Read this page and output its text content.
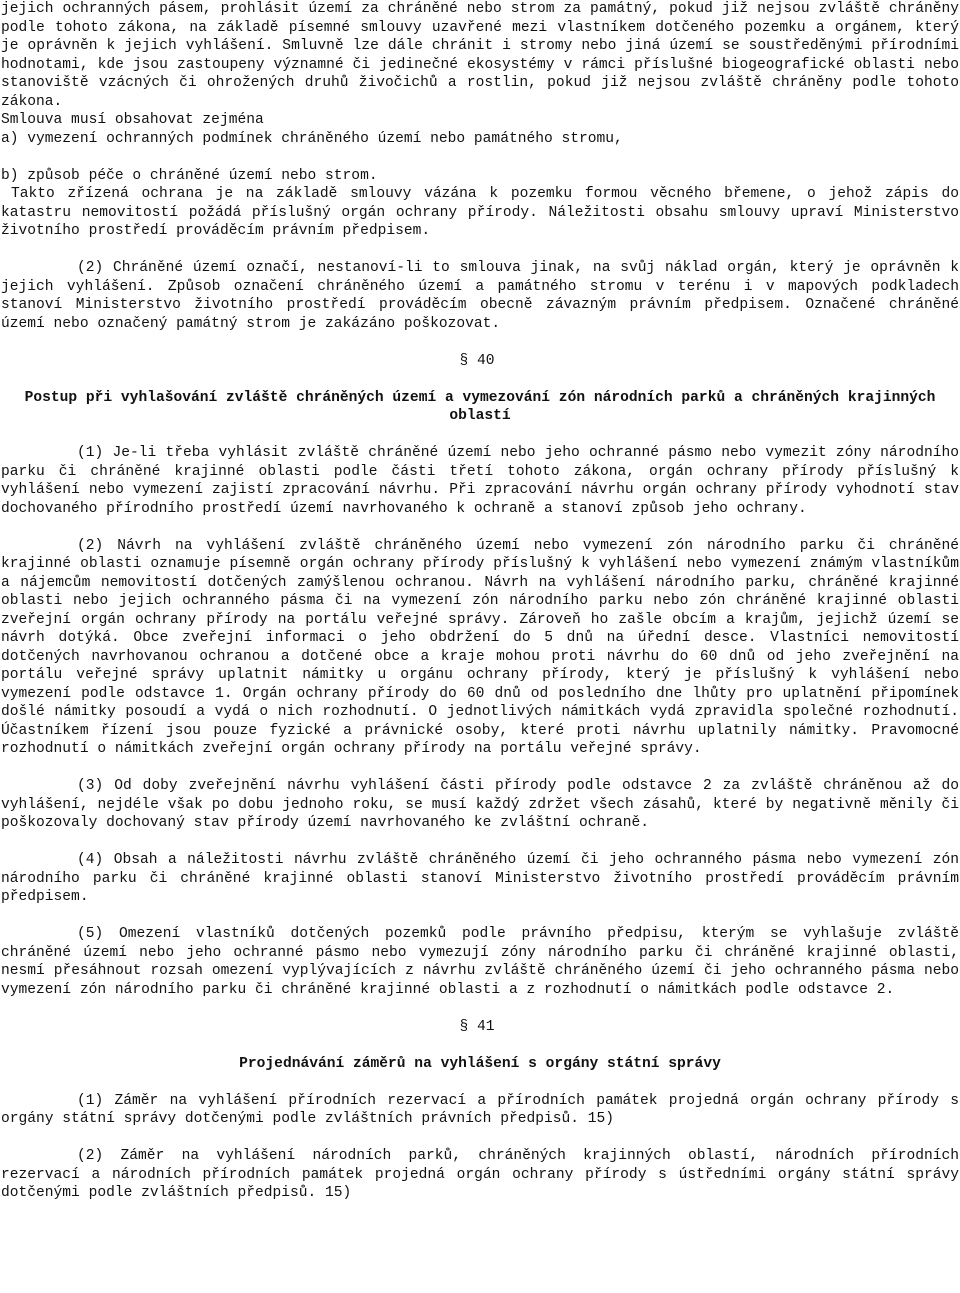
jejich ochranných pásem, prohlásit území za chráněné nebo strom za památný, pokud již nejsou zvláště chráněny podle tohoto zákona, na základě písemné smlouvy uzavřené mezi vlastníkem dotčeného pozemku a orgánem, který je oprávněn k jejich vyhlášení. Smluvně lze dále chránit i stromy nebo jiná území se soustředěnými přírodními hodnotami, kde jsou zastoupeny významné či jedinečné ekosystémy v rámci příslušné biogeografické oblasti nebo stanoviště vzácných či ohrožených druhů živočichů a rostlin, pokud již nejsou zvláště chráněny podle tohoto zákona.

Smlouva musí obsahovat zejména

a) vymezení ochranných podmínek chráněného území nebo památného stromu,

b) způsob péče o chráněné území nebo strom.

Takto zřízená ochrana je na základě smlouvy vázána k pozemku formou věcného břemene, o jehož zápis do katastru nemovitostí požádá příslušný orgán ochrany přírody. Náležitosti obsahu smlouvy upraví Ministerstvo životního prostředí prováděcím právním předpisem.

(2) Chráněné území označí, nestanoví-li to smlouva jinak, na svůj náklad orgán, který je oprávněn k jejich vyhlášení. Způsob označení chráněného území a památného stromu v terénu i v mapových podkladech stanoví Ministerstvo životního prostředí prováděcím obecně závazným právním předpisem. Označené chráněné území nebo označený památný strom je zakázáno poškozovat.

§ 40

Postup při vyhlašování zvláště chráněných území a vymezování zón národních parků a chráněných krajinných oblastí

(1) Je-li třeba vyhlásit zvláště chráněné území nebo jeho ochranné pásmo nebo vymezit zóny národního parku či chráněné krajinné oblasti podle části třetí tohoto zákona, orgán ochrany přírody příslušný k vyhlášení nebo vymezení zajistí zpracování návrhu. Při zpracování návrhu orgán ochrany přírody vyhodnotí stav dochovaného přírodního prostředí území navrhovaného k ochraně a stanoví způsob jeho ochrany.

(2) Návrh na vyhlášení zvláště chráněného území nebo vymezení zón národního parku či chráněné krajinné oblasti oznamuje písemně orgán ochrany přírody příslušný k vyhlášení nebo vymezení známým vlastníkům a nájemcům nemovitostí dotčených zamýšlenou ochranou. Návrh na vyhlášení národního parku, chráněné krajinné oblasti nebo jejich ochranného pásma či na vymezení zón národního parku nebo zón chráněné krajinné oblasti zveřejní orgán ochrany přírody na portálu veřejné správy. Zároveň ho zašle obcím a krajům, jejichž území se návrh dotýká. Obce zveřejní informaci o jeho obdržení do 5 dnů na úřední desce. Vlastníci nemovitostí dotčených navrhovanou ochranou a dotčené obce a kraje mohou proti návrhu do 60 dnů od jeho zveřejnění na portálu veřejné správy uplatnit námitky u orgánu ochrany přírody, který je příslušný k vyhlášení nebo vymezení podle odstavce 1. Orgán ochrany přírody do 60 dnů od posledního dne lhůty pro uplatnění připomínek došlé námitky posoudí a vydá o nich rozhodnutí. O jednotlivých námitkách vydá zpravidla společné rozhodnutí. Účastníkem řízení jsou pouze fyzické a právnické osoby, které proti návrhu uplatnily námitky. Pravomocné rozhodnutí o námitkách zveřejní orgán ochrany přírody na portálu veřejné správy.

(3) Od doby zveřejnění návrhu vyhlášení části přírody podle odstavce 2 za zvláště chráněnou až do vyhlášení, nejdéle však po dobu jednoho roku, se musí každý zdržet všech zásahů, které by negativně měnily či poškozovaly dochovaný stav přírody území navrhovaného ke zvláštní ochraně.

(4) Obsah a náležitosti návrhu zvláště chráněného území či jeho ochranného pásma nebo vymezení zón národního parku či chráněné krajinné oblasti stanoví Ministerstvo životního prostředí prováděcím právním předpisem.

(5) Omezení vlastníků dotčených pozemků podle právního předpisu, kterým se vyhlašuje zvláště chráněné území nebo jeho ochranné pásmo nebo vymezují zóny národního parku či chráněné krajinné oblasti, nesmí přesáhnout rozsah omezení vyplývajících z návrhu zvláště chráněného území či jeho ochranného pásma nebo vymezení zón národního parku či chráněné krajinné oblasti a z rozhodnutí o námitkách podle odstavce 2.

§ 41

Projednávání záměrů na vyhlášení s orgány státní správy

(1) Záměr na vyhlášení přírodních rezervací a přírodních památek projedná orgán ochrany přírody s orgány státní správy dotčenými podle zvláštních právních předpisů. 15)

(2) Záměr na vyhlášení národních parků, chráněných krajinných oblastí, národních přírodních rezervací a národních přírodních památek projedná orgán ochrany přírody s ústředními orgány státní správy dotčenými podle zvláštních předpisů. 15)
